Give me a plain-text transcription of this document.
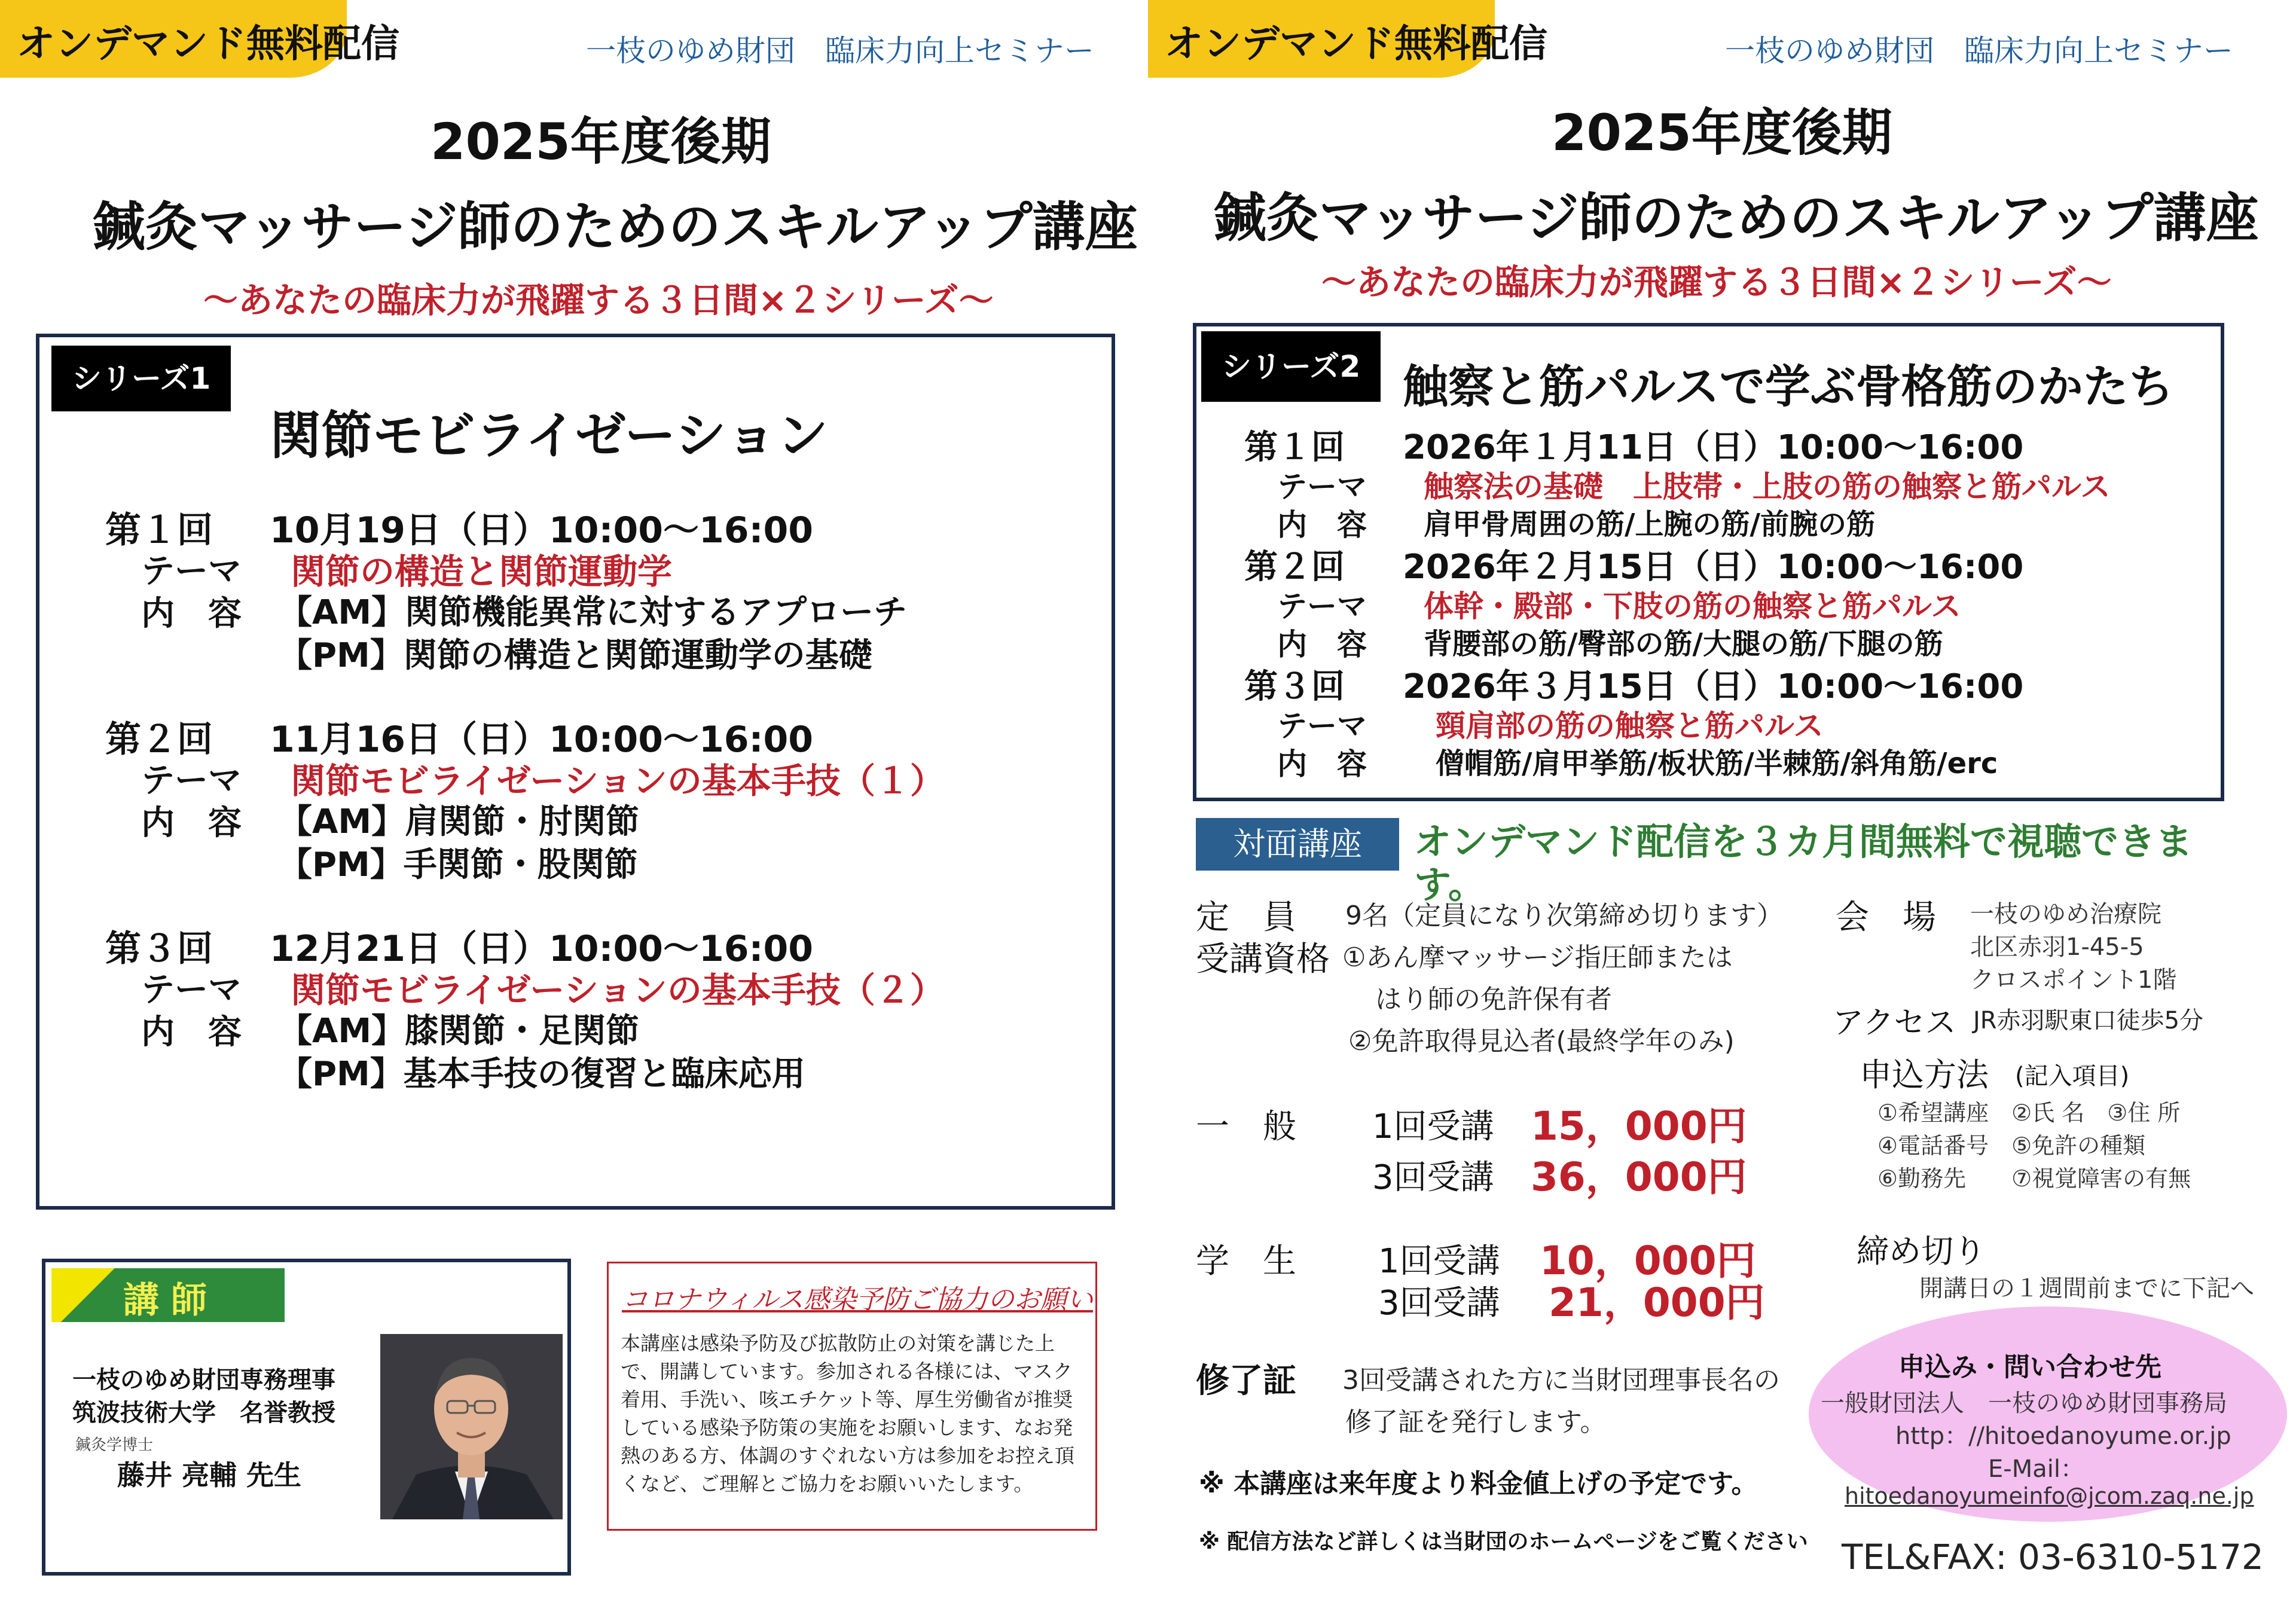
オンデマンド無料配信	一枝のゆめ財団　臨床力向上セミナー
2025年度後期
鍼灸マッサージ師のためのスキルアップ講座
～あなたの臨床力が飛躍する３日間×２シリーズ～
シリーズ1
関節モビライゼーション
第１回 10月19日（日）10:00～16:00
テーマ 関節の構造と関節運動学
内　容 【AM】関節機能異常に対するアプローチ
【PM】関節の構造と関節運動学の基礎
第２回 11月16日（日）10:00～16:00
テーマ 関節モビライゼーションの基本手技（１）
内　容 【AM】肩関節・肘関節
【PM】手関節・股関節
第３回 12月21日（日）10:00～16:00
テーマ 関節モビライゼーションの基本手技（２）
内　容 【AM】膝関節・足関節
【PM】基本手技の復習と臨床応用
講師
一枝のゆめ財団専務理事
筑波技術大学　名誉教授
鍼灸学博士
藤井 亮輔 先生
コロナウィルス感染予防ご協力のお願い
本講座は感染予防及び拡散防止の対策を講じた上で、開講しています。参加される各様には、マスク着用、手洗い、咳エチケット等、厚生労働省が推奨している感染予防策の実施をお願いします、なお発熱のある方、体調のすぐれない方は参加をお控え頂くなど、ご理解とご協力をお願いいたします。
オンデマンド無料配信	一枝のゆめ財団　臨床力向上セミナー
2025年度後期
鍼灸マッサージ師のためのスキルアップ講座
～あなたの臨床力が飛躍する３日間×２シリーズ～
シリーズ2 触察と筋パルスで学ぶ骨格筋のかたち
第１回 2026年１月11日（日）10:00～16:00
テーマ 触察法の基礎　上肢帯・上肢の筋の触察と筋パルス
内　容 肩甲骨周囲の筋/上腕の筋/前腕の筋
第２回 2026年２月15日（日）10:00～16:00
テーマ 体幹・殿部・下肢の筋の触察と筋パルス
内　容 背腰部の筋/臀部の筋/大腿の筋/下腿の筋
第３回 2026年３月15日（日）10:00～16:00
テーマ 頸肩部の筋の触察と筋パルス
内　容 僧帽筋/肩甲挙筋/板状筋/半棘筋/斜角筋/erc
対面講座	オンデマンド配信を３カ月間無料で視聴できます。
定　員 9名（定員になり次第締め切ります）
受講資格 ①あん摩マッサージ指圧師または
はり師の免許保有者
②免許取得見込者(最終学年のみ)
一　般 1回受講 15，000円
3回受講 36，000円
学　生 1回受講 10，000円
3回受講 21，000円
修了証 3回受講された方に当財団理事長名の
修了証を発行します。
※ 本講座は来年度より料金値上げの予定です。
※ 配信方法など詳しくは当財団のホームページをご覧ください
会　場 一枝のゆめ治療院
北区赤羽1-45-5
クロスポイント1階
アクセス JR赤羽駅東口徒歩5分
申込方法 (記入項目)
①希望講座　②氏 名　③住 所
④電話番号　⑤免許の種類
⑥勤務先　　⑦視覚障害の有無
締め切り
開講日の１週間前までに下記へ
申込み・問い合わせ先
一般財団法人　一枝のゆめ財団事務局
http：//hitoedanoyume.or.jp
E-Mail：
hitoedanoyumeinfo@jcom.zaq.ne.jp
TEL&FAX: 03-6310-5172
